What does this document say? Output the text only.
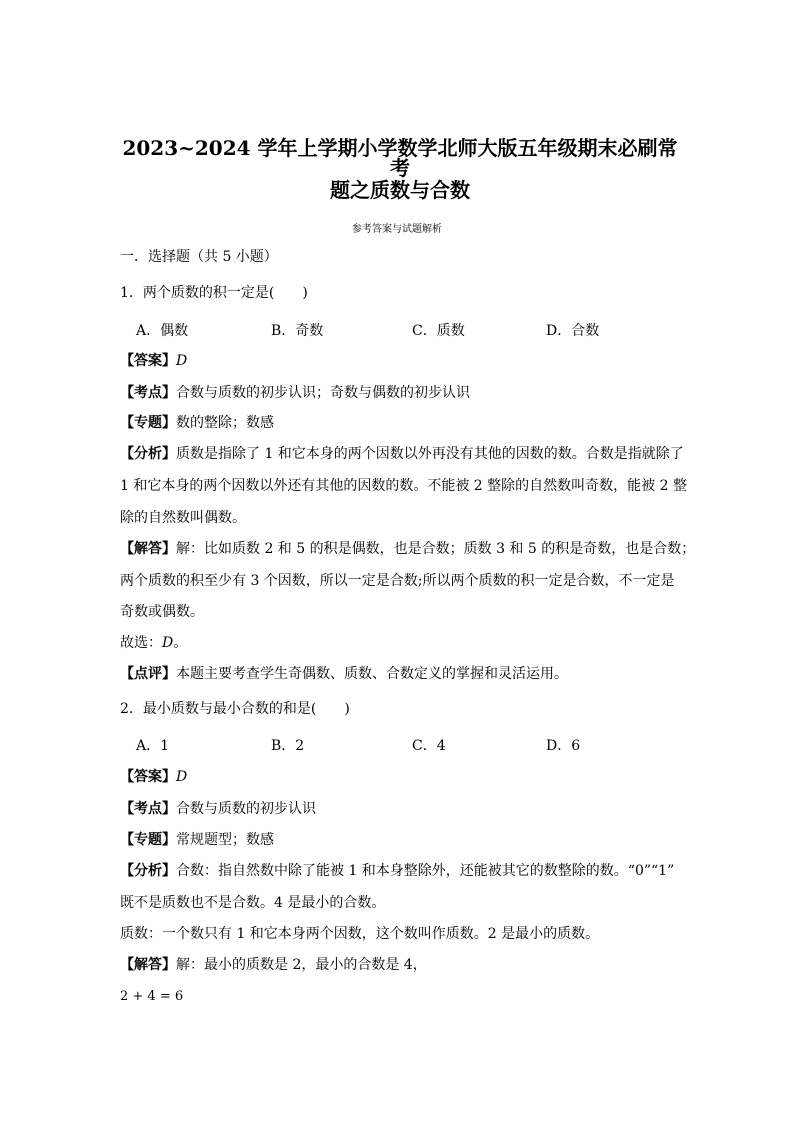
2023~2024 学年上学期小学数学北师大版五年级期末必刷常考
题之质数与合数
参考答案与试题解析
一．选择题（共 5 小题）
1．两个质数的积一定是(　　)
A．偶数	B．奇数	C．质数	D．合数
【答案】D
【考点】合数与质数的初步认识；奇数与偶数的初步认识
【专题】数的整除；数感
【分析】质数是指除了 1 和它本身的两个因数以外再没有其他的因数的数。合数是指就除了
1 和它本身的两个因数以外还有其他的因数的数。不能被 2 整除的自然数叫奇数，能被 2 整
除的自然数叫偶数。
【解答】解：比如质数 2 和 5 的积是偶数，也是合数；质数 3 和 5 的积是奇数，也是合数；
两个质数的积至少有 3 个因数，所以一定是合数;所以两个质数的积一定是合数，不一定是
奇数或偶数。
故选：D。
【点评】本题主要考查学生奇偶数、质数、合数定义的掌握和灵活运用。
2．最小质数与最小合数的和是(　　)
A．1	B．2	C．4	D．6
【答案】D
【考点】合数与质数的初步认识
【专题】常规题型；数感
【分析】合数：指自然数中除了能被 1 和本身整除外，还能被其它的数整除的数。“0”“1”
既不是质数也不是合数。4 是最小的合数。
质数：一个数只有 1 和它本身两个因数，这个数叫作质数。2 是最小的质数。
【解答】解：最小的质数是 2，最小的合数是 4，
2 + 4 = 6
